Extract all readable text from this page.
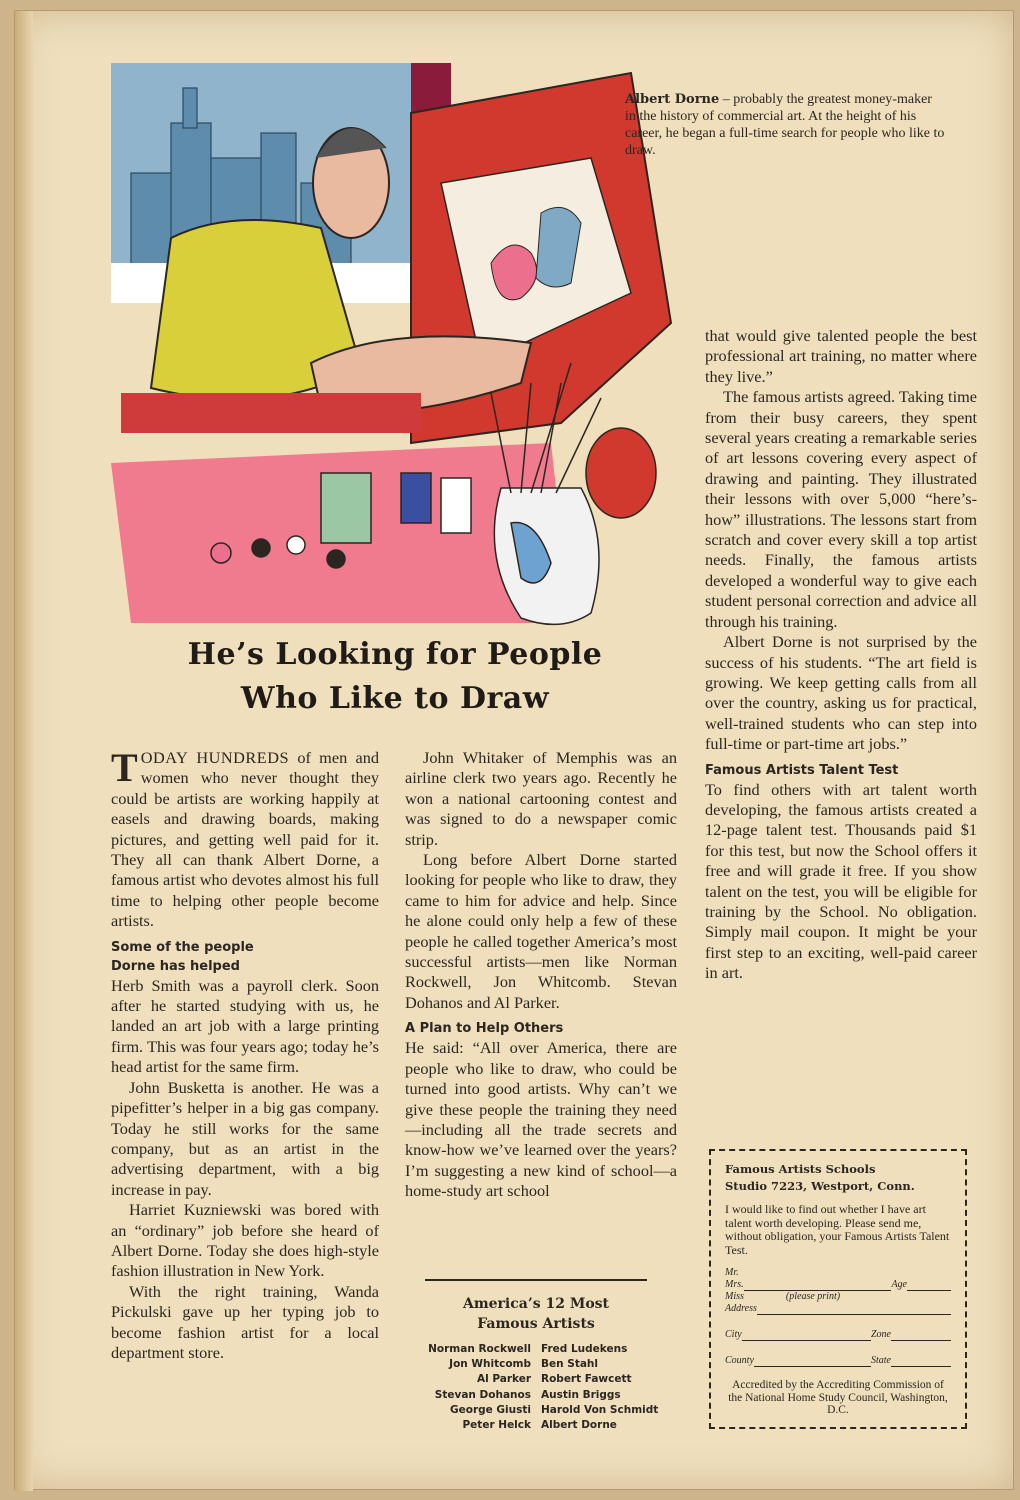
Albert Dorne – probably the greatest money-maker in the history of commercial art. At the height of his career, he began a full-time search for people who like to draw.
He’s Looking for People
Who Like to Draw

TODAY HUNDREDS of men and women who never thought they could be artists are working happily at easels and drawing boards, making pictures, and getting well paid for it. They all can thank Albert Dorne, a famous artist who devotes almost his full time to helping other people become artists.

Some of the people
Dorne has helped

Herb Smith was a payroll clerk. Soon after he started studying with us, he landed an art job with a large printing firm. This was four years ago; today he’s head artist for the same firm.

John Busketta is another. He was a pipefitter’s helper in a big gas company. Today he still works for the same company, but as an artist in the advertising department, with a big increase in pay.

Harriet Kuzniewski was bored with an “ordinary” job before she heard of Albert Dorne. Today she does high-style fashion illustration in New York.

With the right training, Wanda Pickulski gave up her typing job to become fashion artist for a local department store.

John Whitaker of Memphis was an airline clerk two years ago. Recently he won a national cartooning contest and was signed to do a newspaper comic strip.

Long before Albert Dorne started looking for people who like to draw, they came to him for advice and help. Since he alone could only help a few of these people he called together America’s most successful artists—men like Norman Rockwell, Jon Whitcomb. Stevan Dohanos and Al Parker.

A Plan to Help Others

He said: “All over America, there are people who like to draw, who could be turned into good artists. Why can’t we give these people the training they need—including all the trade secrets and know-how we’ve learned over the years? I’m suggesting a new kind of school—a home-study art school

that would give talented people the best professional art training, no matter where they live.”

The famous artists agreed. Taking time from their busy careers, they spent several years creating a remarkable series of art lessons covering every aspect of drawing and painting. They illustrated their lessons with over 5,000 “here’s-how” illustrations. The lessons start from scratch and cover every skill a top artist needs. Finally, the famous artists developed a wonderful way to give each student personal correction and advice all through his training.

Albert Dorne is not surprised by the success of his students. “The art field is growing. We keep getting calls from all over the country, asking us for practical, well-trained students who can step into full-time or part-time art jobs.”

Famous Artists Talent Test

To find others with art talent worth developing, the famous artists created a 12-page talent test. Thousands paid $1 for this test, but now the School offers it free and will grade it free. If you show talent on the test, you will be eligible for training by the School. No obligation. Simply mail coupon. It might be your first step to an exciting, well-paid career in art.

America’s 12 Most
Famous Artists
Norman Rockwell Fred Ludekens
Jon Whitcomb Ben Stahl
Al Parker Robert Fawcett
Stevan Dohanos Austin Briggs
George Giusti Harold Von Schmidt
Peter Helck Albert Dorne
Famous Artists Schools
Studio 7223, Westport, Conn.
I would like to find out whether I have art talent worth developing. Please send me, without obligation, your Famous Artists Talent Test.
Mr.
Mrs.	Age
Miss	(please print)
Address
City	Zone
County	State
Accredited by the Accrediting Commission of the National Home Study Council, Washington, D.C.
